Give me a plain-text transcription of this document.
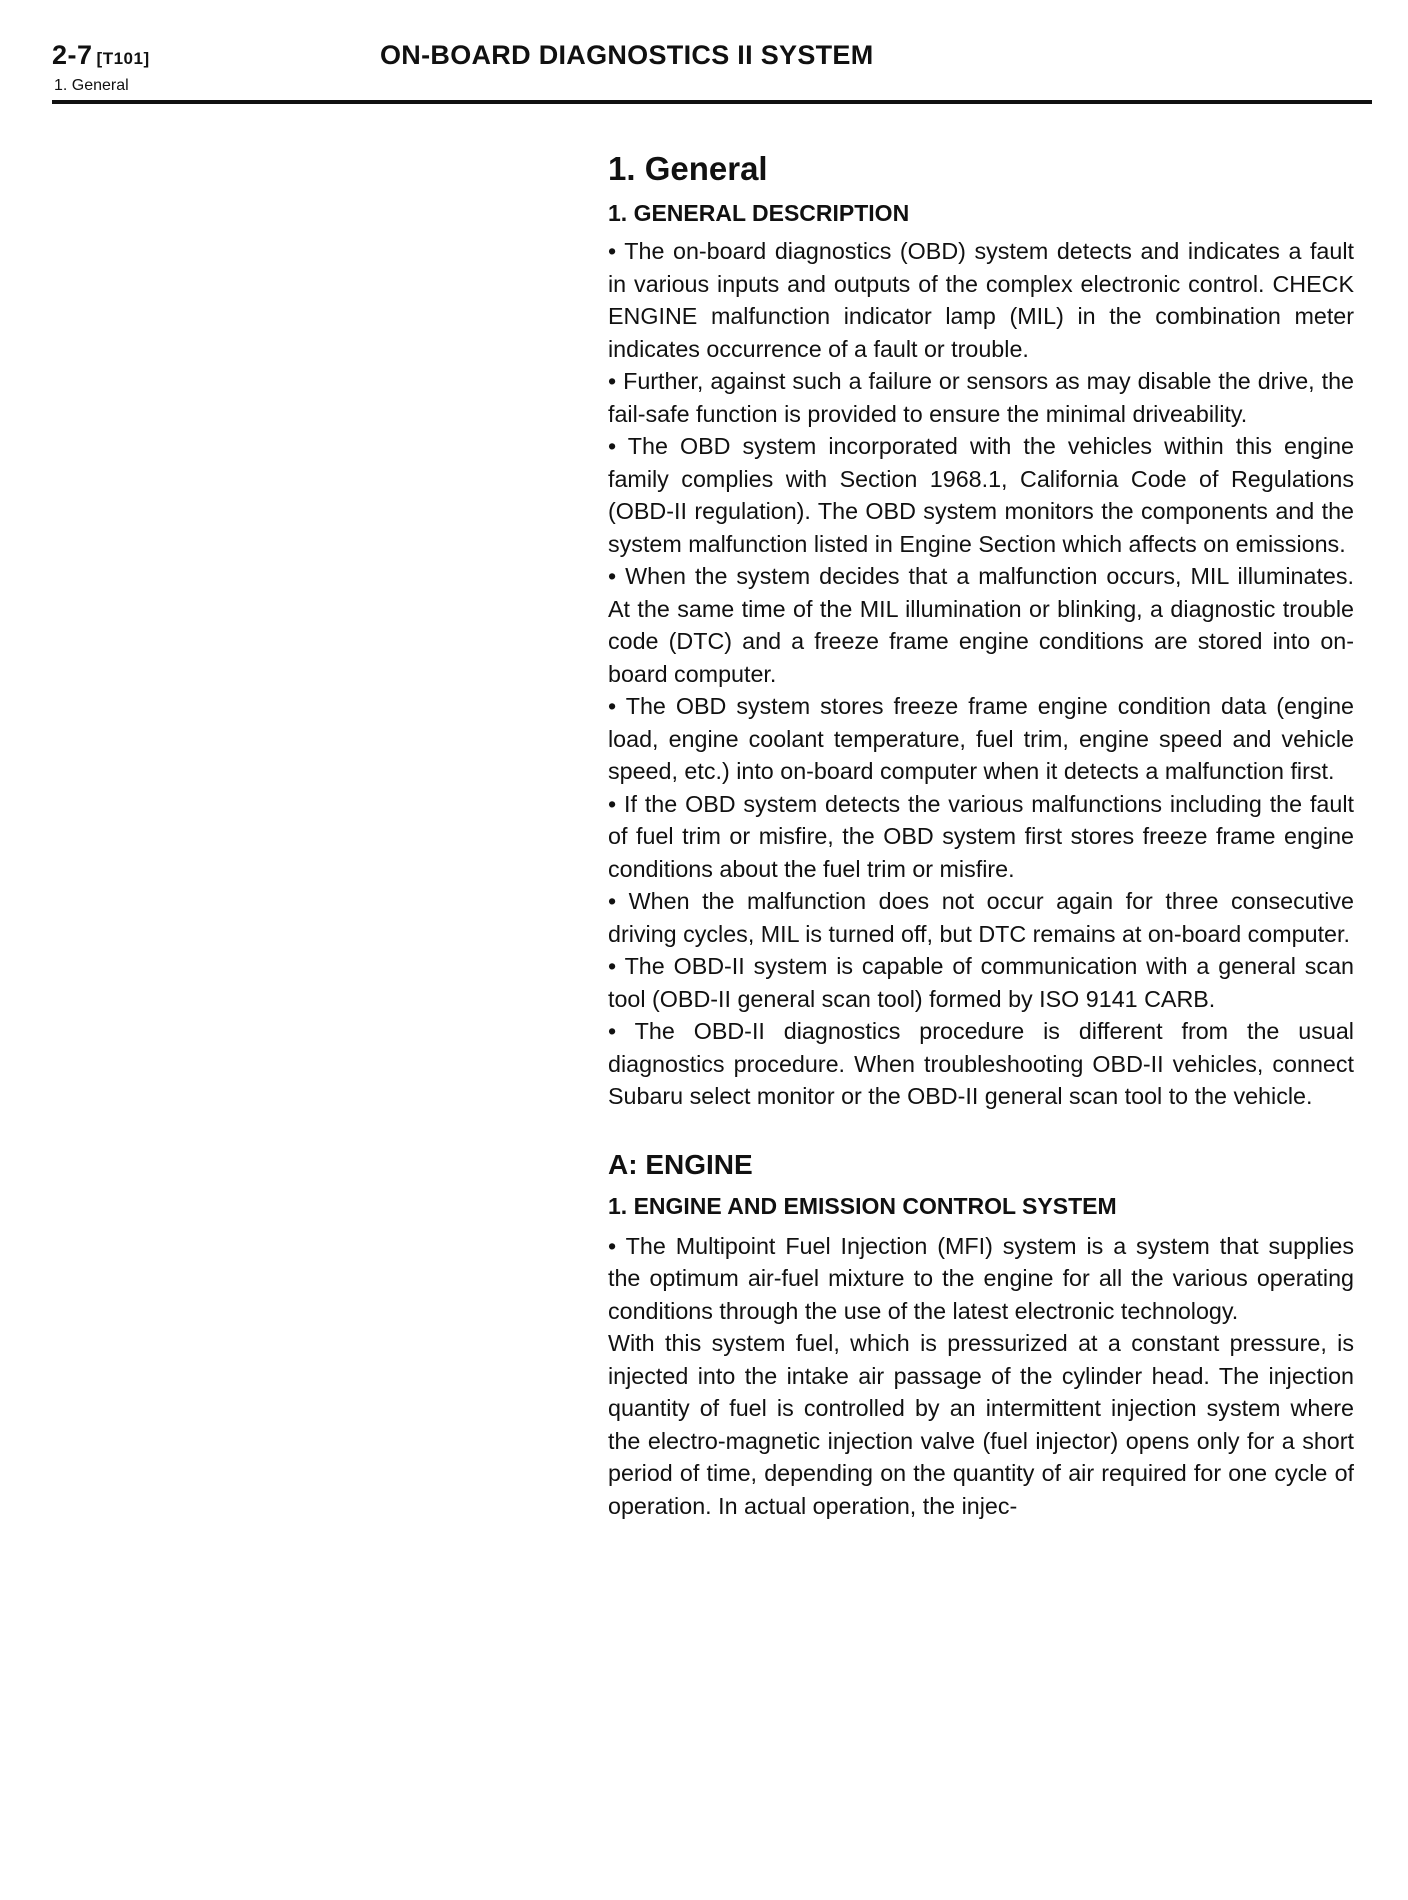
2-7 [T101]
1. General
ON-BOARD DIAGNOSTICS II SYSTEM
1. General
1. GENERAL DESCRIPTION

• The on-board diagnostics (OBD) system detects and indicates a fault in various inputs and outputs of the complex electronic control. CHECK ENGINE malfunction indicator lamp (MIL) in the combination meter indicates occurrence of a fault or trouble.

• Further, against such a failure or sensors as may disable the drive, the fail-safe function is provided to ensure the minimal driveability.

• The OBD system incorporated with the vehicles within this engine family complies with Section 1968.1, California Code of Regulations (OBD-II regulation). The OBD system monitors the components and the system malfunction listed in Engine Section which affects on emissions.

• When the system decides that a malfunction occurs, MIL illuminates. At the same time of the MIL illumination or blinking, a diagnostic trouble code (DTC) and a freeze frame engine conditions are stored into on-board computer.

• The OBD system stores freeze frame engine condition data (engine load, engine coolant temperature, fuel trim, engine speed and vehicle speed, etc.) into on-board computer when it detects a malfunction first.

• If the OBD system detects the various malfunctions including the fault of fuel trim or misfire, the OBD system first stores freeze frame engine conditions about the fuel trim or misfire.

• When the malfunction does not occur again for three consecutive driving cycles, MIL is turned off, but DTC remains at on-board computer.

• The OBD-II system is capable of communication with a general scan tool (OBD-II general scan tool) formed by ISO 9141 CARB.

• The OBD-II diagnostics procedure is different from the usual diagnostics procedure. When troubleshooting OBD-II vehicles, connect Subaru select monitor or the OBD-II general scan tool to the vehicle.

A: ENGINE
1. ENGINE AND EMISSION CONTROL SYSTEM

• The Multipoint Fuel Injection (MFI) system is a system that supplies the optimum air-fuel mixture to the engine for all the various operating conditions through the use of the latest electronic technology.

With this system fuel, which is pressurized at a constant pressure, is injected into the intake air passage of the cylinder head. The injection quantity of fuel is controlled by an intermittent injection system where the electro-magnetic injection valve (fuel injector) opens only for a short period of time, depending on the quantity of air required for one cycle of operation. In actual operation, the injec-
